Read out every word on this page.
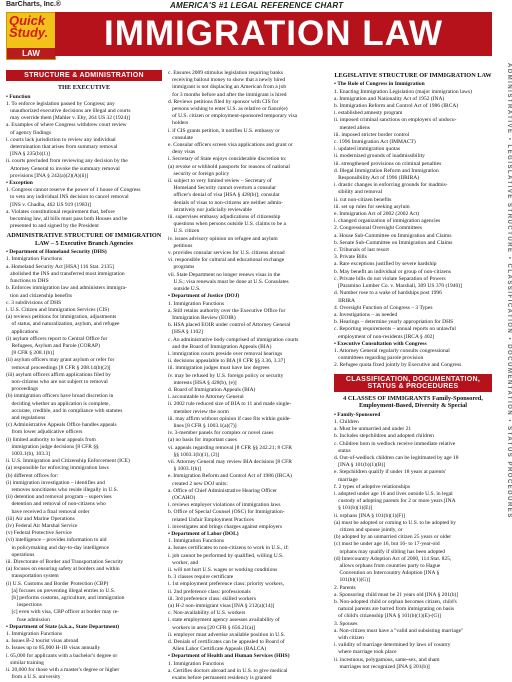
BarCharts, Inc.®	AMERICA'S #1 LEGAL REFERENCE CHART
Quick Study.
LAW
IMMIGRATION LAW
ADMINISTRATIVE • LEGISLATIVE STRUCTURE • CLASSIFICATION • DOCUMENTATION • STATUS PROCEDURES
STRUCTURE & ADMINISTRATION
THE EXECUTIVE
• Function
1. To enforce legislation passed by Congress; any
unauthorized executive decisions are illegal and courts
may override them [Mahler v. Eby, 264 US 32 (1924)]
a. Examples of where Congress withdrew court review
of agency findings
i. courts lack jurisdiction to review any individual
determination that arises from summary removal
[INA § 235(b)(1)]
ii. courts precluded from reviewing any decision by the
Attorney General to invoke the summary removal
provisions [INA § 242(a)(2)(A)(ii)]
• Exception
1. Congress cannot reserve the power of 1 house of Congress
to veto any individual INS decision to cancel removal
[INS v. Chadha, 462 US 919 (1983)]
a. Violates constitutional requirement that, before
becoming law, all bills must pass both Houses and be
presented to and signed by the President
ADMINISTRATIVE STRUCTURE OF IMMIGRATION LAW – 5 Executive Branch Agencies
• Department of Homeland Security (DHS)
1. Immigration Functions
a. Homeland Security Act [HSA] 116 Stat. 2135]
abolished the INS and transferred most immigration
functions to DHS
b. Enforces immigration law and administers immigra-
tion and citizenship benefits
c. 3 subdivisions of DHS
i. U.S. Citizen and Immigration Services (CIS)
(a) reviews petitions for immigration, adjustments
of status, and naturalization, asylum, and refugee
applications
(i) asylum officers report to Central Office for
Refugees, Asylum and Parole (CORAP)
[8 CFR § 208.1(b)]
(ii) asylum officers may grant asylum or refer for
removal proceedings [8 CFR § 208.14(b)(2)]
(iii) asylum officers affirm applications filed by
non-citizens who are not subject to removal
proceedings
(b) immigration officers have broad discretion in
deciding whether an application is complete,
accurate, credible, and in compliance with statutes
and regulations
(c) Administrative Appeals Office handles appeals
from lower adjudicative officers
(i) limited authority to hear appeals from
immigration judge decisions [8 CFR §§
1003.1(b), 103.3]
ii. U.S. Immigration and Citizenship Enforcement (ICE)
(a) responsible for enforcing immigration laws
(b) different offices for:
(i) immigration investigation – identifies and
removes noncitizens who reside illegally in U.S.
(ii) detention and removal program – supervises
detention and removal of non-citizens who
have received a final removal order
(iii) Air and Marine Operations
(iv) Federal Air Marshal Service
(v) Federal Protective Service
(vi) intelligence – provides information to aid
in policymaking and day-to-day intelligence
operations
iii. Directorate of Border and Transportation Security
(a) focuses on ensuring safety at borders and within
transportation system
(i) U.S. Customs and Border Protection (CBP)
[a] focuses on preventing illegal entries to U.S.
[b] performs customs, agriculture, and immigration
inspections
[c] even with visa, CBP officer at border may re-
fuse admission
• Department of State (a.k.a., State Department)
1. Immigration Functions
a. Issues B-2 tourist visas abroad
b. Issues up to 85,000 H-1B visas annually
i. 65,000 for applicants with a bachelor's degree or
similar training
ii. 20,000 for those with a master's degree or higher
from a U.S. university
c. Ensures 2009 stimulus legislation requiring banks
receiving bailout money to show that a newly hired
immigrant is not displacing an American from a job
for 3 months before and after the immigrant is hired
d. Reviews petitions filed by sponsor with CIS for
persons wishing to enter U.S. as relative or fiancé(e)
of U.S. citizen or employment-sponsored temporary visa
holders
i. if CIS grants petition, it notifies U.S. embassy or
consulate
e. Consular officers screen visa applications and grant or
deny visas
i. Secretary of State enjoys considerable discretion to:
(a) revoke or withhold passports for reasons of national
security or foreign policy
ii. subject to very limited review – Secretary of
Homeland Security cannot overturn a consular
officer's denial of visa [HSA § 428(b)]; consular
denials of visas to non-citizens are neither admin-
istratively nor judicially reviewable
iii. supervises embassy adjudications of citizenship
questions when persons outside U.S. claims to be a
U.S. citizen
iv. issues advisory opinion on refugee and asylum
petitions
v. provides consular services for U.S. citizens abroad
vi. responsible for cultural and educational exchange
programs
vii. State Department no longer renews visas in the
U.S.; visa renewals must be done at U.S. Consulates
outside U.S.
• Department of Justice (DOJ)
1. Immigration Functions
a. Still retains authority over the Executive Office for
Immigration Review (EOIR)
b. HSA placed EOIR under control of Attorney General
[HSA § 1102]
c. An administrative body comprised of immigration courts
and the Board of Immigration Appeals (BIA)
i. immigration courts preside over removal hearings
ii. decisions appealable to BIA [8 CFR §§ 3.36, 3.37]
iii. immigration judges must have law degrees
iv. may be refused by U.S. foreign policy or security
interests [HSA § 428(b), (e)]
d. Board of Immigration Appeals (BIA)
i. accountable to Attorney General
ii. 2002 rule reduced size of BIA to 11 and made single-
member review the norm
iii. may affirm without opinion if case fits within guide-
lines [8 CFR § 1003.1(a)(7)]
iv. 3-member panels for complex or novel cases
(a) no basis for important cases
vi. appeals regarding removal [8 CFR §§ 242.21; 8 CFR
§§ 1003.1(b)(1), (2)]
vii. Attorney General may review BIA decisions [8 CFR
§ 1003.1(h)]
e. Immigration Reform and Control Act of 1986 (IRCA)
created 2 new DOJ units:
a. Office of Chief Administrative Hearing Officer
(OCAHO)
i. reviews employer violations of immigration laws
b. Office of Special Counsel (OSC) for Immigration-
related Unfair Employment Practices
i. investigates and brings charges against employers
• Department of Labor (DOL)
1. Immigration Functions
a. Issues certificates to non-citizens to work in U.S., if:
i. job cannot be performed by qualified, willing U.S.
worker, and
ii. will not hurt U.S. wages or working conditions
b. 3 classes require certificate
i. 1st employment preference class: priority workers,
ii. 2nd preference class: professionals
iii. 3rd preference class: skilled workers
(a) H-2 non-immigrant visas [INA § 212(a)(14)]
c. Non-availability of U.S. workers
i. state employment agency assesses availability of
workers in area [20 CFR § 656.21(a)]
ii. employer must advertise available position in U.S.
d. Denials of certificates can be appealed to Board of
Alien Labor Certificate Appeals (BALCA)
• Department of Health and Human Services (HHS)
1. Immigration Functions
a. Certifies doctors abroad and in U.S. to give medical
exams before permanent residency is granted
LEGISLATIVE STRUCTURE OF IMMIGRATION LAW
• The Role of Congress in Immigration
1. Enacting Immigration Legislation (major immigration laws)
a. Immigration and Nationality Act of 1952 (INA)
b. Immigration Reform and Control Act of 1986 (IRCA)
i. established amnesty program
ii. imposed criminal sanctions on employers of undocu-
mented aliens
iii. imposed stricter border control
c. 1996 Immigration Act (IMMACT)
i. updated immigration quotas
ii. modernized grounds of inadmissibility
iii. strengthened provisions on criminal penalties
d. Illegal Immigration Reform and Immigration
Responsibility Act of 1996 (IIRIRA)
i. drastic changes in enforcing grounds for inadmis-
sibility and removal
ii. cut non-citizen benefits
iii. set up rules for seeking asylum
e. Immigration Act of 2002 (2002 Act)
i. changed organization of immigration agencies
2. Congressional Oversight Committees
a. House Sub-Committee on Immigration and Claims
b. Senate Sub-Committee on Immigration and Claims
c. Tribunals of last resort
3. Private Bills
a. Rare exceptions justified by severe hardship
b. May benefit an individual or group of non-citizens
c. Private bills do not violate Separation of Powers
[Paramino Lumber Co. v. Marshall, 309 US 370 (1940)]
d. Number rose to a wake of hardships post 1996
IIRIRA
4. Oversight Function of Congress – 3 Types
a. Investigations – as needed
b. Hearings – determine yearly appropriation for DHS
c. Reporting requirements – annual reports on unlawful
employment of non-residents [IRCA § 402]
• Executive Consultation with Congress
1. Attorney General regularly consults congressional
committees regarding parole provision
2. Refugee quota fixed jointly by Executive and Congress
CLASSIFICATION, DOCUMENTATION, STATUS & PROCEDURES
4 CLASSES OF IMMIGRANTS Family-Sponsored, Employment-Based, Diversity & Special
• Family-Sponsored
1. Children
a. Must be unmarried and under 21
b. Includes stepchildren and adopted children
c. Children born in wedlock receive immediate relative
status
d. Out-of-wedlock children can be legitimated by age 18
[INA § 101(b)(1)(B)]
e. Stepchildren qualify if under 18 years at parents'
marriage
f. 2 types of adoptive relationships
i. adopted under age 16 and lives outside U.S. in legal
custody of adopting parents for 2 or more years [INA
§ 101(b)(1)(E)]
ii. orphans [INA § 101(b)(1)(F)]
(a) must be adopted or coming to U.S. to be adopted by
citizen and spouse jointly, or
(b) adopted by an unmarried citizen 25 years or older
(c) must be under age 16, but 16- to 17-year-old
orphans may qualify if sibling has been adopted
(d) Intercountry Adoption Act of 2000, 114 Stat. 825,
allows orphans from countries party to Hague
Convention on Intercountry Adoption [INA §
101(b)(1)(G)]
2. Parents
a. Sponsoring child must be 21 years old [INA § 201(b)]
b. Non-adopted child or orphan becomes citizen, child's
natural parents are barred from immigrating on basis
of child's citizenship [INA § 101(b)(1)(E)-(G)]
3. Spouses
a. Non-citizen must have a "valid and subsisting marriage"
with citizen
i. validity of marriage determined by laws of country
where marriage took place
ii. incestuous, polygamous, same-sex, and sham
marriages not recognized [INA § 201(b)]
